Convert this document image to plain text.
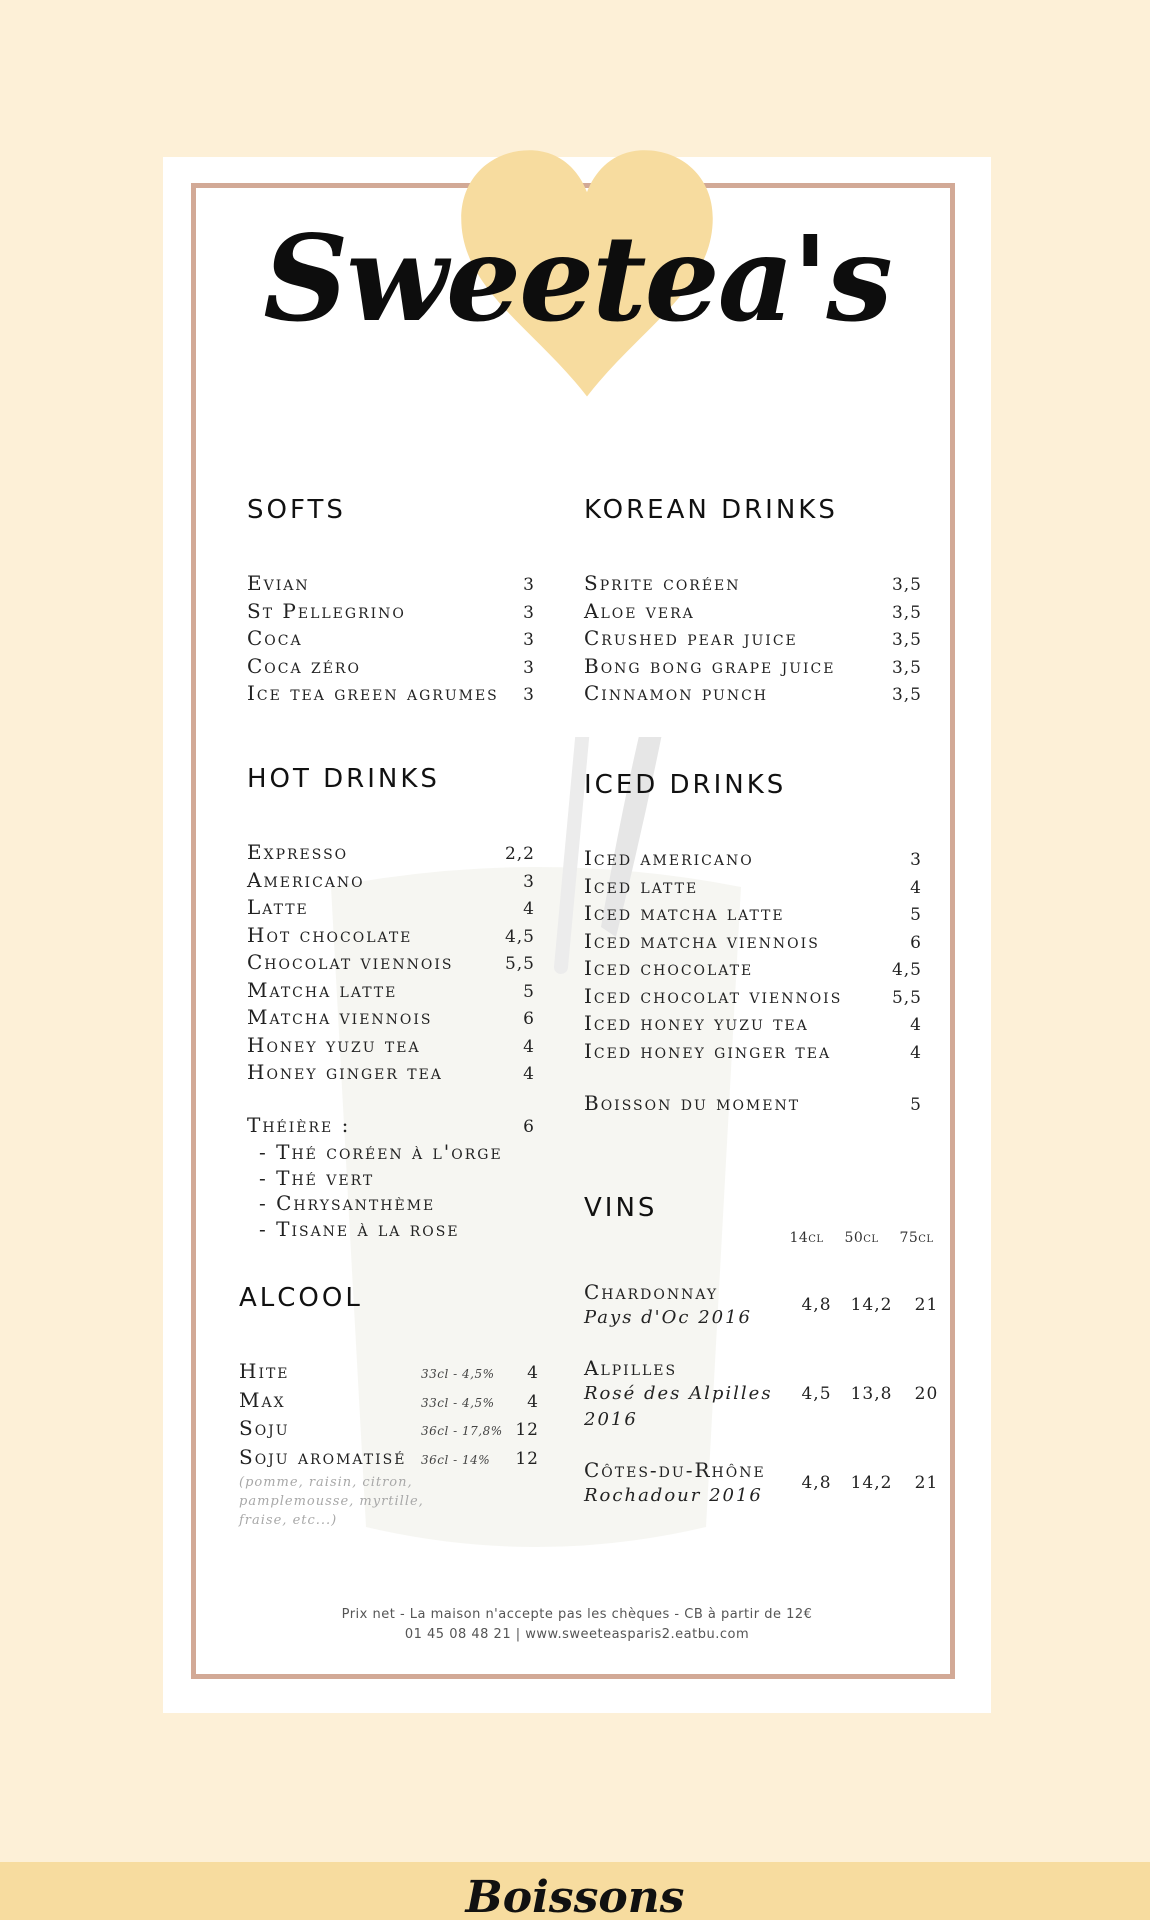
Sweetea's
SOFTS
Evian	3
St Pellegrino	3
Coca	3
Coca zéro	3
Ice tea green agrumes 3
KOREAN DRINKS
Sprite coréen	3,5
Aloe vera	3,5
Crushed pear juice	3,5
Bong bong grape juice	3,5
Cinnamon punch	3,5
HOT DRINKS
Expresso	2,2
Americano	3
Latte	4
Hot chocolate	4,5
Chocolat viennois	5,5
Matcha latte	5
Matcha viennois	6
Honey yuzu tea	4
Honey ginger tea	4
Théière :	6
- Thé coréen à l'orge
- Thé vert
- Chrysanthème
- Tisane à la rose
ICED DRINKS
Iced americano	3
Iced latte	4
Iced matcha latte	5
Iced matcha viennois	6
Iced chocolate	4,5
Iced chocolat viennois	5,5
Iced honey yuzu tea	4
Iced honey ginger tea	4
Boisson du moment	5
ALCOOL
Hite	33cl - 4,5%	4
Max	33cl - 4,5%	4
Soju	36cl - 17,8% 12
Soju aromatisé	36cl - 14%	12
(pomme, raisin, citron, pamplemousse, myrtille, fraise, etc...)
VINS
14cl	50cl	75cl
Chardonnay
Pays d'Oc 2016
4,8	14,2	21
Alpilles
Rosé des Alpilles 2016
4,5	13,8	20
Côtes-du-Rhône
Rochadour 2016
4,8	14,2	21
Prix net - La maison n'accepte pas les chèques - CB à partir de 12€
01 45 08 48 21 | www.sweeteasparis2.eatbu.com
Boissons
